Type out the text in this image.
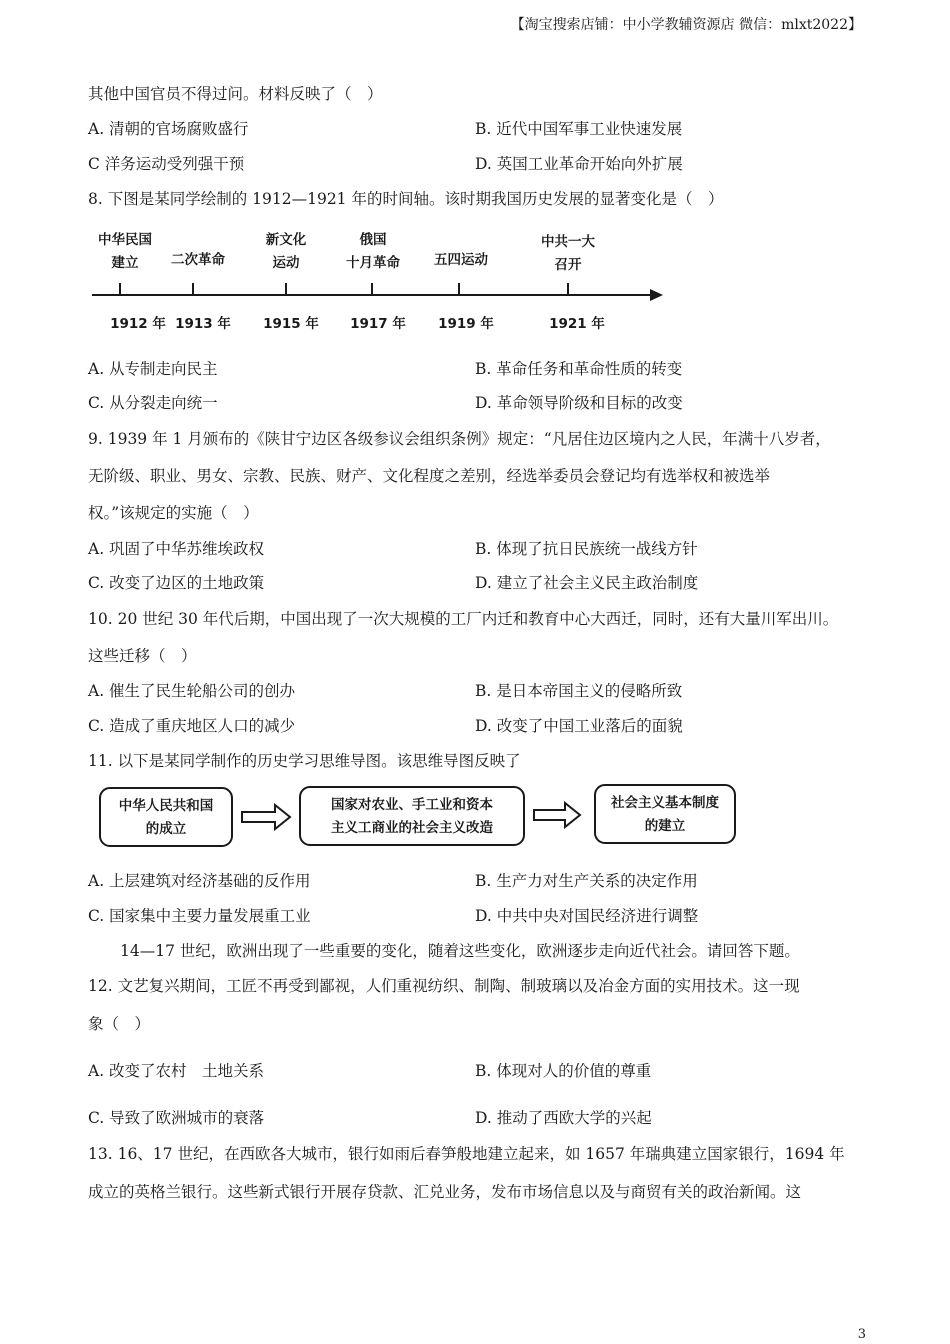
【淘宝搜索店铺：中小学教辅资源店 微信：mlxt2022】
其他中国官员不得过问。材料反映了（　）
A. 清朝的官场腐败盛行	B. 近代中国军事工业快速发展
C 洋务运动受列强干预	D. 英国工业革命开始向外扩展
8. 下图是某同学绘制的 1912—1921 年的时间轴。该时期我国历史发展的显著变化是（　）
中华民国
建立 二次革命
新文化
运动
俄国
十月革命	五四运动
中共一大
召开
1912 年 1913 年 1915 年 1917 年 1919 年	1921 年
A. 从专制走向民主	B. 革命任务和革命性质的转变
C. 从分裂走向统一	D. 革命领导阶级和目标的改变
9. 1939 年 1 月颁布的《陕甘宁边区各级参议会组织条例》规定：“凡居住边区境内之人民，年满十八岁者，
无阶级、职业、男女、宗教、民族、财产、文化程度之差别，经选举委员会登记均有选举权和被选举
权。”该规定的实施（　）
A. 巩固了中华苏维埃政权	B. 体现了抗日民族统一战线方针
C. 改变了边区的土地政策	D. 建立了社会主义民主政治制度
10. 20 世纪 30 年代后期，中国出现了一次大规模的工厂内迁和教育中心大西迁，同时，还有大量川军出川。
这些迁移（　）
A. 催生了民生轮船公司的创办	B. 是日本帝国主义的侵略所致
C. 造成了重庆地区人口的减少	D. 改变了中国工业落后的面貌
11. 以下是某同学制作的历史学习思维导图。该思维导图反映了
中华人民共和国
的成立
国家对农业、手工业和资本
主义工商业的社会主义改造
社会主义基本制度
的建立
A. 上层建筑对经济基础的反作用	B. 生产力对生产关系的决定作用
C. 国家集中主要力量发展重工业	D. 中共中央对国民经济进行调整
14—17 世纪，欧洲出现了一些重要的变化，随着这些变化，欧洲逐步走向近代社会。请回答下题。
12. 文艺复兴期间，工匠不再受到鄙视，人们重视纺织、制陶、制玻璃以及冶金方面的实用技术。这一现
象（　）
A. 改变了农村　土地关系	B. 体现对人的价值的尊重
C. 导致了欧洲城市的衰落	D. 推动了西欧大学的兴起
13. 16、17 世纪，在西欧各大城市，银行如雨后春笋般地建立起来，如 1657 年瑞典建立国家银行，1694 年
成立的英格兰银行。这些新式银行开展存贷款、汇兑业务，发布市场信息以及与商贸有关的政治新闻。这
3
